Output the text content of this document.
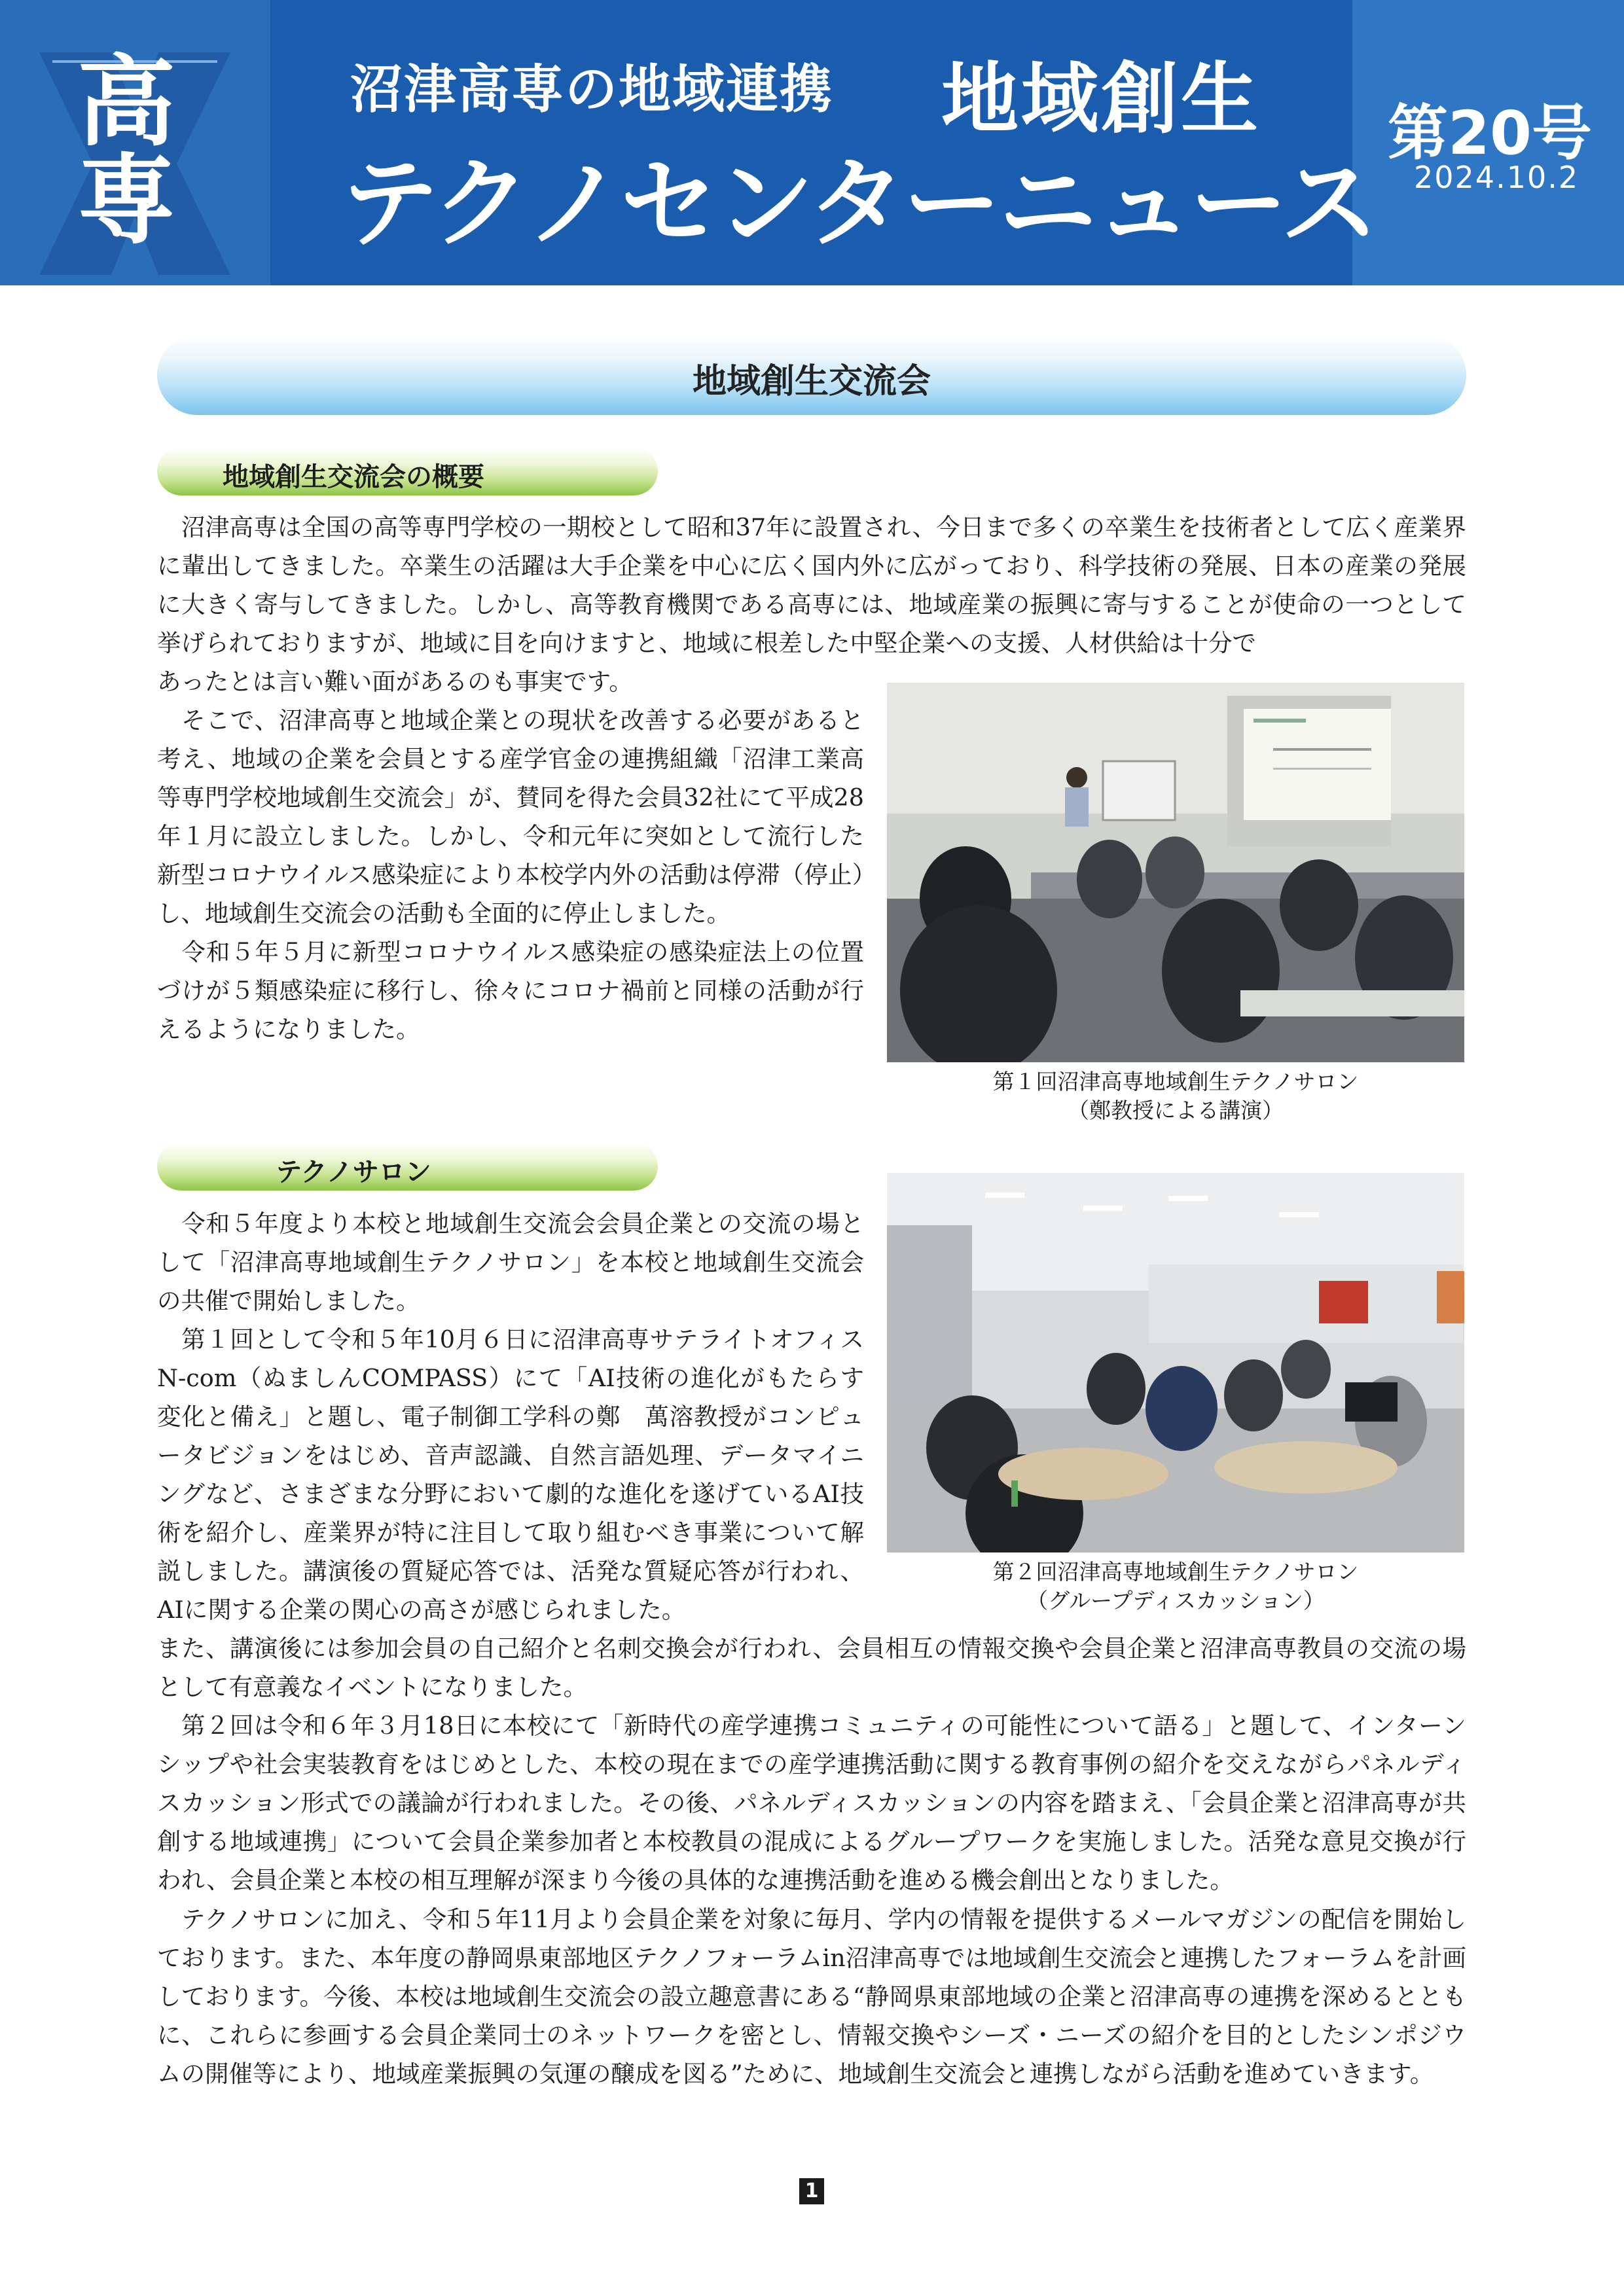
高
専
沼津高専の地域連携 地域創生
テクノセンターニュース
第20号
2024.10.2
地域創生交流会
地域創生交流会の概要

　沼津高専は全国の高等専門学校の一期校として昭和37年に設置され、今日まで多くの卒業生を技術者として広く産業界に輩出してきました。卒業生の活躍は大手企業を中心に広く国内外に広がっており、科学技術の発展、日本の産業の発展に大きく寄与してきました。しかし、高等教育機関である高専には、地域産業の振興に寄与することが使命の一つとして挙げられておりますが、地域に目を向けますと、地域に根差した中堅企業への支援、人材供給は十分で

あったとは言い難い面があるのも事実です。

　そこで、沼津高専と地域企業との現状を改善する必要があると考え、地域の企業を会員とする産学官金の連携組織「沼津工業高等専門学校地域創生交流会」が、賛同を得た会員32社にて平成28年１月に設立しました。しかし、令和元年に突如として流行した新型コロナウイルス感染症により本校学内外の活動は停滞（停止）し、地域創生交流会の活動も全面的に停止しました。

　令和５年５月に新型コロナウイルス感染症の感染症法上の位置づけが５類感染症に移行し、徐々にコロナ禍前と同様の活動が行えるようになりました。

第１回沼津高専地域創生テクノサロン
（鄭教授による講演）
テクノサロン

　令和５年度より本校と地域創生交流会会員企業との交流の場として「沼津高専地域創生テクノサロン」を本校と地域創生交流会の共催で開始しました。

　第１回として令和５年10月６日に沼津高専サテライトオフィスN-com（ぬましんCOMPASS）にて「AI技術の進化がもたらす変化と備え」と題し、電子制御工学科の鄭　萬溶教授がコンピュータビジョンをはじめ、音声認識、自然言語処理、データマイニングなど、さまざまな分野において劇的な進化を遂げているAI技術を紹介し、産業界が特に注目して取り組むべき事業について解説しました。講演後の質疑応答では、活発な質疑応答が行われ、AIに関する企業の関心の高さが感じられました。

また、講演後には参加会員の自己紹介と名刺交換会が行われ、会員相互の情報交換や会員企業と沼津高専教員の交流の場として有意義なイベントになりました。

　第２回は令和６年３月18日に本校にて「新時代の産学連携コミュニティの可能性について語る」と題して、インターンシップや社会実装教育をはじめとした、本校の現在までの産学連携活動に関する教育事例の紹介を交えながらパネルディスカッション形式での議論が行われました。その後、パネルディスカッションの内容を踏まえ、「会員企業と沼津高専が共創する地域連携」について会員企業参加者と本校教員の混成によるグループワークを実施しました。活発な意見交換が行われ、会員企業と本校の相互理解が深まり今後の具体的な連携活動を進める機会創出となりました。

　テクノサロンに加え、令和５年11月より会員企業を対象に毎月、学内の情報を提供するメールマガジンの配信を開始しております。また、本年度の静岡県東部地区テクノフォーラムin沼津高専では地域創生交流会と連携したフォーラムを計画しております。今後、本校は地域創生交流会の設立趣意書にある“静岡県東部地域の企業と沼津高専の連携を深めるとともに、これらに参画する会員企業同士のネットワークを密とし、情報交換やシーズ・ニーズの紹介を目的としたシンポジウムの開催等により、地域産業振興の気運の醸成を図る”ために、地域創生交流会と連携しながら活動を進めていきます。

第２回沼津高専地域創生テクノサロン
（グループディスカッション）
1
